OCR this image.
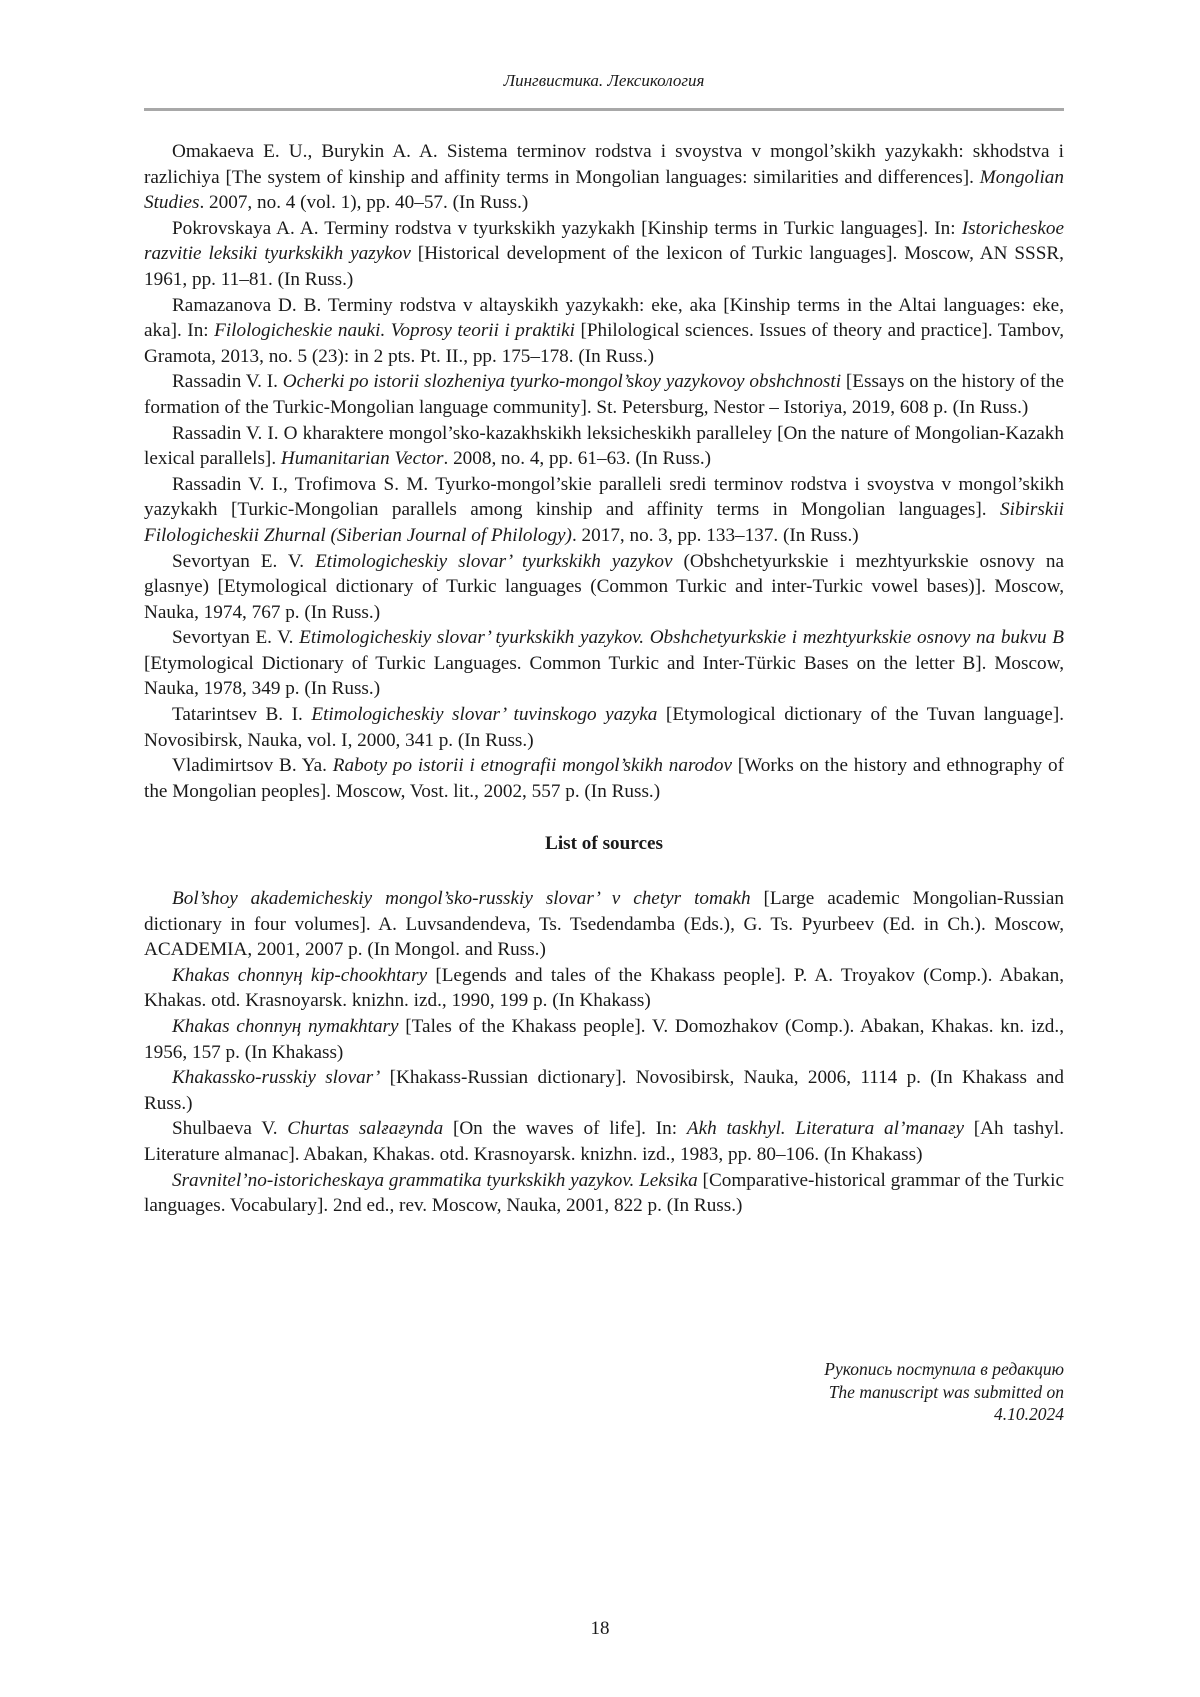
Лингвистика. Лексикология

Omakaeva E. U., Burykin A. A. Sistema terminov rodstva i svoystva v mongol’skikh yazykakh: skhodstva i razlichiya [The system of kinship and affinity terms in Mongolian languages: similarities and differences]. Mongolian Studies. 2007, no. 4 (vol. 1), pp. 40–57. (In Russ.)

Pokrovskaya A. A. Terminy rodstva v tyurkskikh yazykakh [Kinship terms in Turkic languages]. In: Istoricheskoe razvitie leksiki tyurkskikh yazykov [Historical development of the lexicon of Turkic languages]. Moscow, AN SSSR, 1961, pp. 11–81. (In Russ.)

Ramazanova D. B. Terminy rodstva v altayskikh yazykakh: eke, aka [Kinship terms in the Altai languages: eke, aka]. In: Filologicheskie nauki. Voprosy teorii i praktiki [Philological sciences. Issues of theory and practice]. Tambov, Gramota, 2013, no. 5 (23): in 2 pts. Pt. II., pp. 175–178. (In Russ.)

Rassadin V. I. Ocherki po istorii slozheniya tyurko-mongol’skoy yazykovoy obshchnosti [Essays on the history of the formation of the Turkic-Mongolian language community]. St. Petersburg, Nestor – Istoriya, 2019, 608 p. (In Russ.)

Rassadin V. I. O kharaktere mongol’sko-kazakhskikh leksicheskikh paralleley [On the nature of Mongolian-Kazakh lexical parallels]. Humanitarian Vector. 2008, no. 4, pp. 61–63. (In Russ.)

Rassadin V. I., Trofimova S. M. Tyurko-mongol’skie paralleli sredi terminov rodstva i svoystva v mongol’skikh yazykakh [Turkic-Mongolian parallels among kinship and affinity terms in Mongolian languages]. Sibirskii Filologicheskii Zhurnal (Siberian Journal of Philology). 2017, no. 3, pp. 133–137. (In Russ.)

Sevortyan E. V. Etimologicheskiy slovar’ tyurkskikh yazykov (Obshchetyurkskie i mezhtyurkskie osnovy na glasnye) [Etymological dictionary of Turkic languages (Common Turkic and inter-Turkic vowel bases)]. Moscow, Nauka, 1974, 767 p. (In Russ.)

Sevortyan E. V. Etimologicheskiy slovar’ tyurkskikh yazykov. Obshchetyurkskie i mezhtyurkskie osnovy na bukvu B [Etymological Dictionary of Turkic Languages. Common Turkic and Inter-Türkic Bases on the letter B]. Moscow, Nauka, 1978, 349 p. (In Russ.)

Tatarintsev B. I. Etimologicheskiy slovar’ tuvinskogo yazyka [Etymological dictionary of the Tuvan language]. Novosibirsk, Nauka, vol. I, 2000, 341 p. (In Russ.)

Vladimirtsov B. Ya. Raboty po istorii i etnografii mongol’skikh narodov [Works on the history and ethnography of the Mongolian peoples]. Moscow, Vost. lit., 2002, 557 p. (In Russ.)

List of sources

Bol’shoy akademicheskiy mongol’sko-russkiy slovar’ v chetyr tomakh [Large academic Mongolian-Russian dictionary in four volumes]. A. Luvsandendeva, Ts. Tsedendamba (Eds.), G. Ts. Pyurbeev (Ed. in Ch.). Moscow, ACADEMIA, 2001, 2007 p. (In Mongol. and Russ.)

Khakas chonnyң kip-chookhtary [Legends and tales of the Khakass people]. P. A. Troyakov (Comp.). Abakan, Khakas. otd. Krasnoyarsk. knizhn. izd., 1990, 199 p. (In Khakass)

Khakas chonnyң nymakhtary [Tales of the Khakass people]. V. Domozhakov (Comp.). Abakan, Khakas. kn. izd., 1956, 157 p. (In Khakass)

Khakassko-russkiy slovar’ [Khakass-Russian dictionary]. Novosibirsk, Nauka, 2006, 1114 p. (In Khakass and Russ.)

Shulbaeva V. Churtas salғaғynda [On the waves of life]. In: Akh taskhyl. Literatura al’manaғy [Ah tashyl. Literature almanac]. Abakan, Khakas. otd. Krasnoyarsk. knizhn. izd., 1983, pp. 80–106. (In Khakass)

Sravnitel’no-istoricheskaya grammatika tyurkskikh yazykov. Leksika [Comparative-historical grammar of the Turkic languages. Vocabulary]. 2nd ed., rev. Moscow, Nauka, 2001, 822 p. (In Russ.)

Рукопись поступила в редакцию
The manuscript was submitted on
4.10.2024
18
